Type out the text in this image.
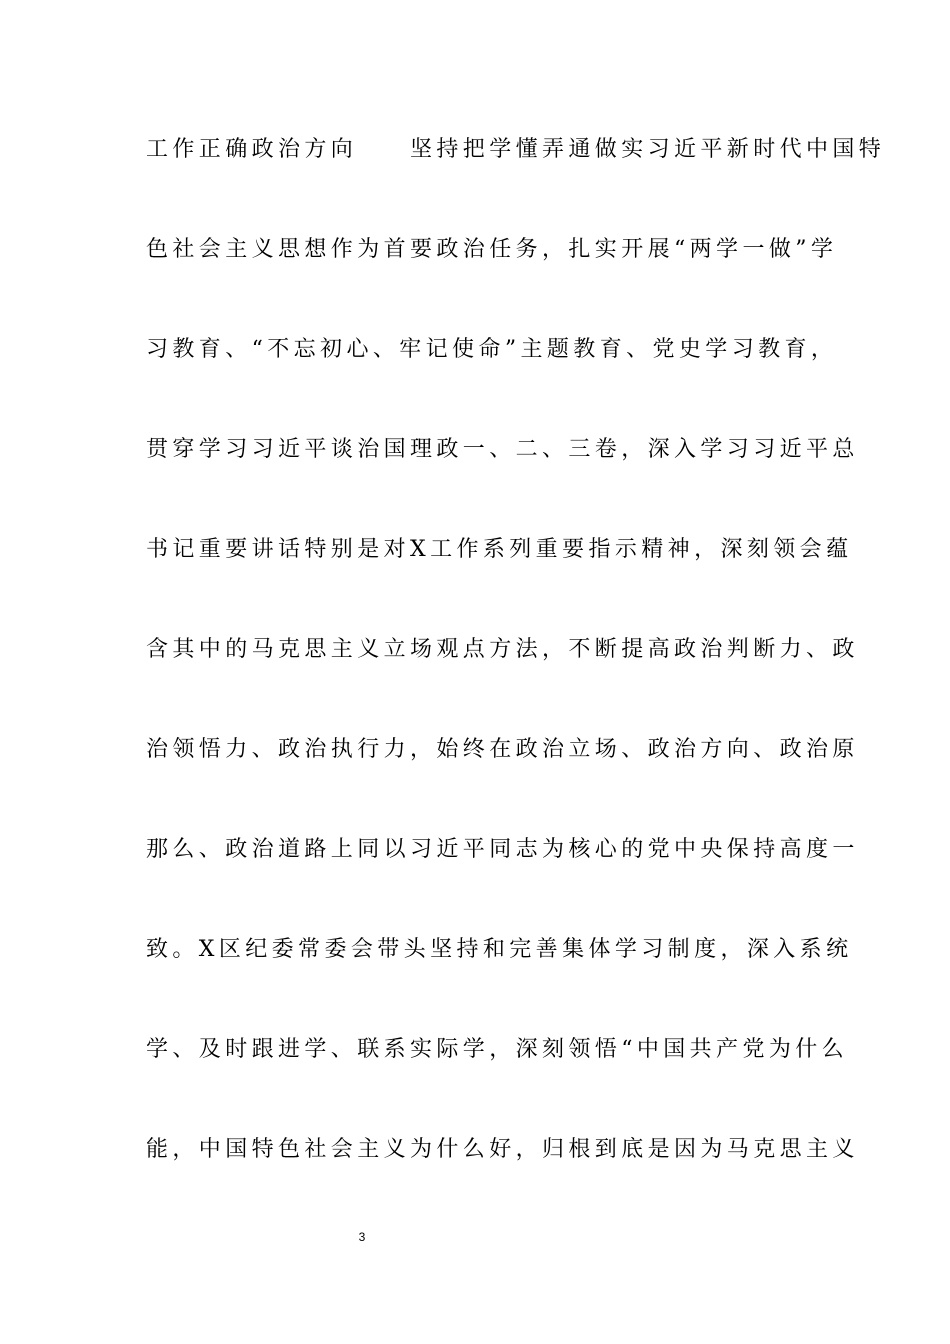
工作正确政治方向　　坚持把学懂弄通做实习近平新时代中国特
色社会主义思想作为首要政治任务，扎实开展“两学一做”学
习教育、“不忘初心、牢记使命”主题教育、党史学习教育，
贯穿学习习近平谈治国理政一、二、三卷，深入学习习近平总
书记重要讲话特别是对X工作系列重要指示精神，深刻领会蕴
含其中的马克思主义立场观点方法，不断提高政治判断力、政
治领悟力、政治执行力，始终在政治立场、政治方向、政治原
那么、政治道路上同以习近平同志为核心的党中央保持高度一
致。X区纪委常委会带头坚持和完善集体学习制度，深入系统
学、及时跟进学、联系实际学，深刻领悟“中国共产党为什么
能，中国特色社会主义为什么好，归根到底是因为马克思主义
3
